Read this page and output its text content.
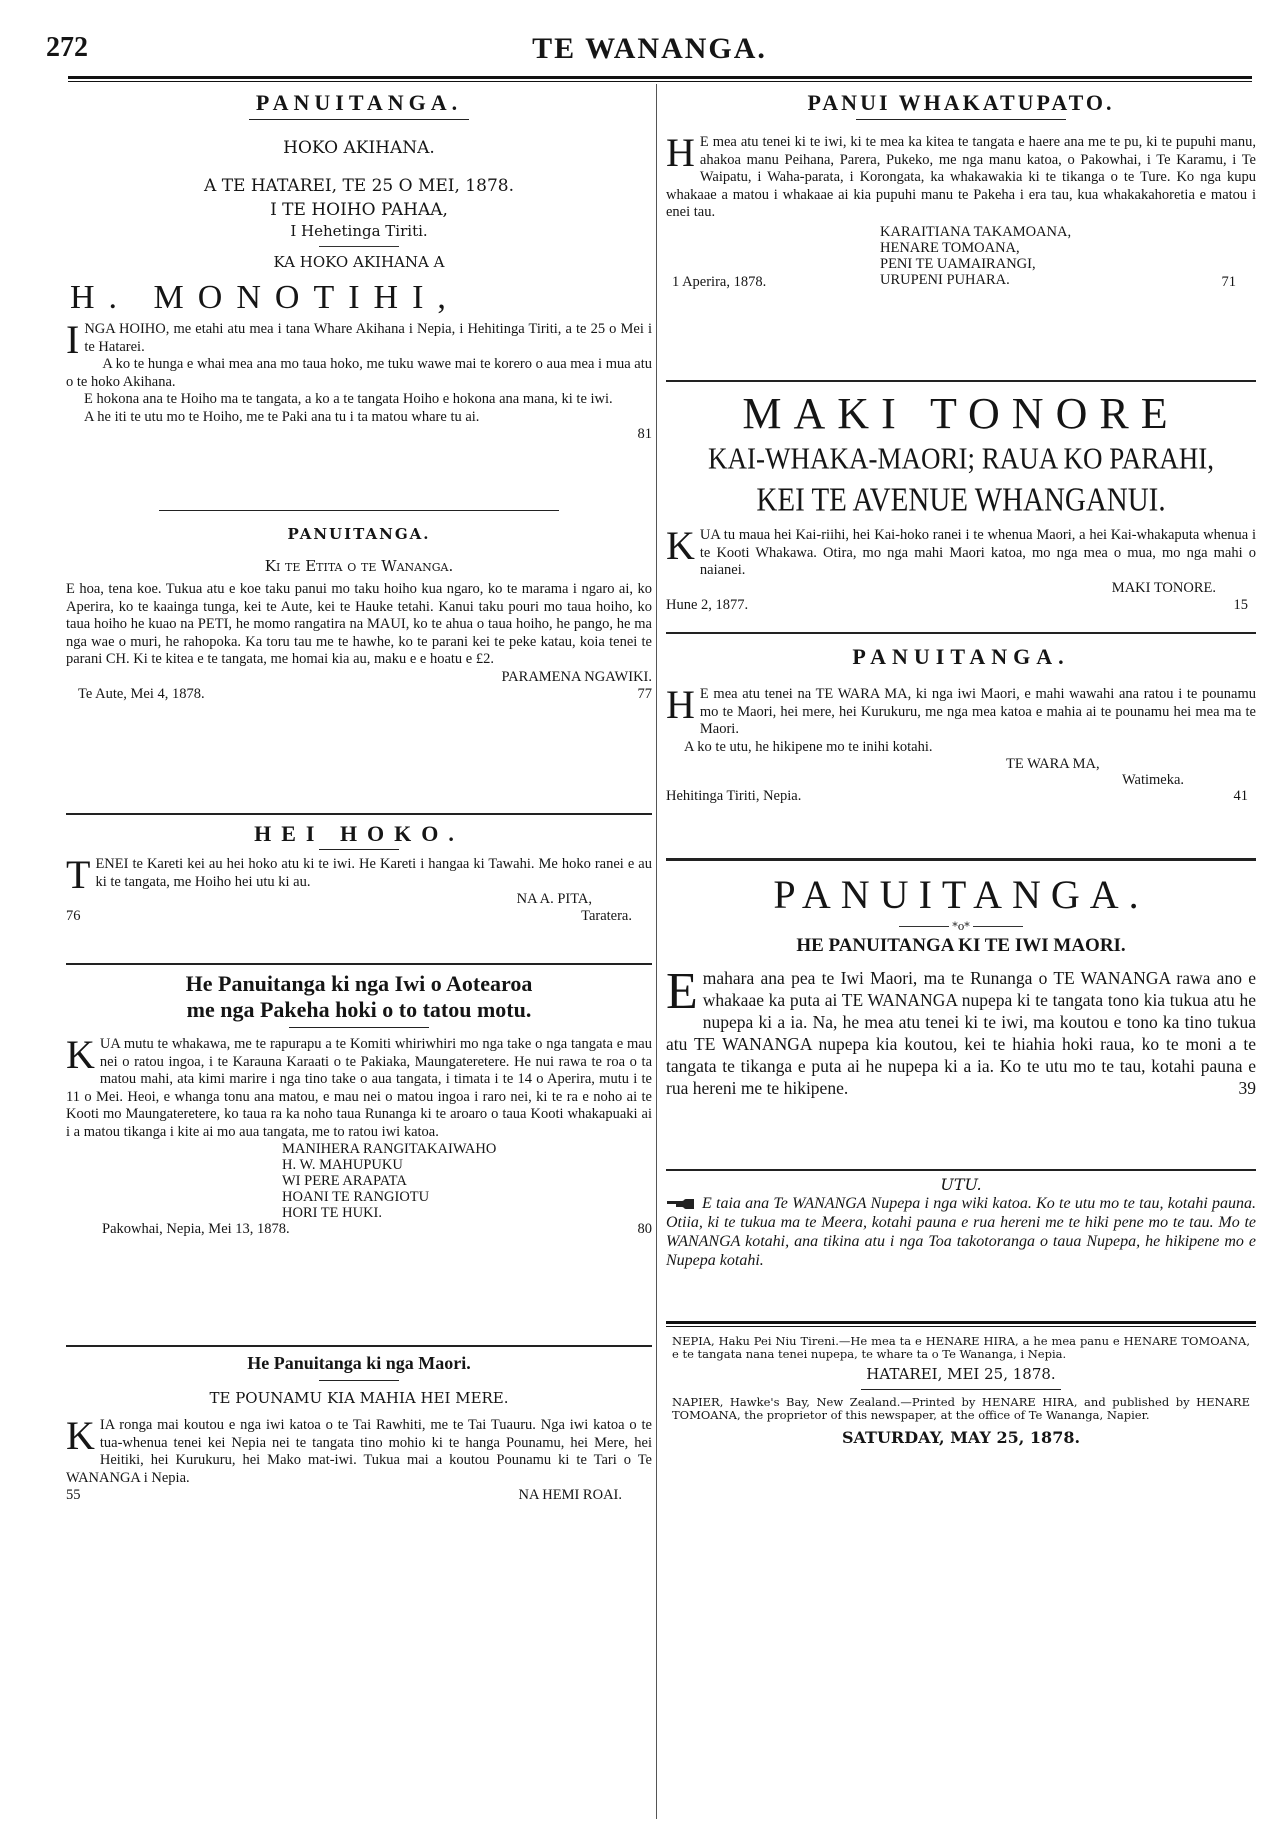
272	TE WANANGA.
PANUITANGA.
HOKO AKIHANA.
A TE HATAREI, TE 25 O MEI, 1878.
I TE HOIHO PAHAA,
I Hehetinga Tiriti.
KA HOKO AKIHANA A
H. MONOTIHI,
INGA HOIHO, me etahi atu mea i tana Whare Akihana i Nepia, i Hehitinga Tiriti, a te 25 o Mei i te Hatarei.

A ko te hunga e whai mea ana mo taua hoko, me tuku wawe mai te korero o aua mea i mua atu o te hoko Akihana.

E hokona ana te Hoiho ma te tangata, a ko a te tangata Hoiho e hokona ana mana, ki te iwi.

A he iti te utu mo te Hoiho, me te Paki ana tu i ta matou whare tu ai.

81
PANUITANGA.
Ki te Etita o te Wananga.

E hoa, tena koe. Tukua atu e koe taku panui mo taku hoiho kua ngaro, ko te marama i ngaro ai, ko Aperira, ko te kaainga tunga, kei te Aute, kei te Hauke tetahi. Kanui taku pouri mo taua hoiho, ko taua hoiho he kuao na PETI, he momo rangatira na MAUI, ko te ahua o taua hoiho, he pango, he ma nga wae o muri, he rahopoka. Ka toru tau me te hawhe, ko te parani kei te peke katau, koia tenei te parani CH. Ki te kitea e te tangata, me homai kia au, maku e e hoatu e £2.

PARAMENA NGAWIKI.
Te Aute, Mei 4, 1878.	77
HEI HOKO.
TENEI te Kareti kei au hei hoko atu ki te iwi. He Kareti i hangaa ki Tawahi. Me hoko ranei e au ki te tangata, me Hoiho hei utu ki au.
NA A. PITA,
76	Taratera.
He Panuitanga ki nga Iwi o Aotearoa
me nga Pakeha hoki o to tatou motu.
KUA mutu te whakawa, me te rapurapu a te Komiti whiriwhiri mo nga take o nga tangata e mau nei o ratou ingoa, i te Karauna Karaati o te Pakiaka, Maungateretere. He nui rawa te roa o ta matou mahi, ata kimi marire i nga tino take o aua tangata, i timata i te 14 o Aperira, mutu i te 11 o Mei. Heoi, e whanga tonu ana matou, e mau nei o matou ingoa i raro nei, ki te ra e noho ai te Kooti mo Maungateretere, ko taua ra ka noho taua Runanga ki te aroaro o taua Kooti whakapuaki ai i a matou tikanga i kite ai mo aua tangata, me to ratou iwi katoa.
MANIHERA RANGITAKAIWAHO
H. W. MAHUPUKU
WI PERE ARAPATA
HOANI TE RANGIOTU
HORI TE HUKI.
Pakowhai, Nepia, Mei 13, 1878.	80
He Panuitanga ki nga Maori.
TE POUNAMU KIA MAHIA HEI MERE.
KIA ronga mai koutou e nga iwi katoa o te Tai Rawhiti, me te Tai Tuauru. Nga iwi katoa o te tua-whenua tenei kei Nepia nei te tangata tino mohio ki te hanga Pounamu, hei Mere, hei Heitiki, hei Kurukuru, hei Mako mat-iwi. Tukua mai a koutou Pounamu ki te Tari o Te WANANGA i Nepia.
55	NA HEMI ROAI.
PANUI WHAKATUPATO.
H E mea atu tenei ki te iwi, ki te mea ka kitea te tangata e haere ana me te pu, ki te pupuhi manu, ahakoa manu Peihana, Parera, Pukeko, me nga manu katoa, o Pakowhai, i Te Karamu, i Te Waipatu, i Waha-parata, i Korongata, ka whakawakia ki te tikanga o te Ture. Ko nga kupu whakaae a matou i whakaae ai kia pupuhi manu te Pakeha i era tau, kua whakakahoretia e matou i enei tau.
KARAITIANA TAKAMOANA,
HENARE TOMOANA,
PENI TE UAMAIRANGI,
URUPENI PUHARA.
1 Aperira, 1878.	71
MAKI TONORE
KAI-WHAKA-MAORI; RAUA KO PARAHI,
KEI TE AVENUE WHANGANUI.
KUA tu maua hei Kai-riihi, hei Kai-hoko ranei i te whenua Maori, a hei Kai-whakaputa whenua i te Kooti Whakawa. Otira, mo nga mahi Maori katoa, mo nga mea o mua, mo nga mahi o naianei.
MAKI TONORE.
Hune 2, 1877.	15
PANUITANGA.
H E mea atu tenei na TE WARA MA, ki nga iwi Maori, e mahi wawahi ana ratou i te pounamu mo te Maori, hei mere, hei Kurukuru, me nga mea katoa e mahia ai te pounamu hei mea ma te Maori.

A ko te utu, he hikipene mo te inihi kotahi.

TE WARA MA,
Watimeka.
Hehitinga Tiriti, Nepia.	41
PANUITANGA.
*o*
HE PANUITANGA KI TE IWI MAORI.
Emahara ana pea te Iwi Maori, ma te Runanga o TE WANANGA rawa ano e whakaae ka puta ai TE WANANGA nupepa ki te tangata tono kia tukua atu he nupepa ki a ia. Na, he mea atu tenei ki te iwi, ma koutou e tono ka tino tukua atu TE WANANGA nupepa kia koutou, kei te hiahia hoki raua, ko te moni a te tangata te tikanga e puta ai he nupepa ki a ia. Ko te utu mo te tau, kotahi pauna e rua hereni me te hikipene.	39
UTU.
E taia ana Te WANANGA Nupepa i nga wiki katoa. Ko te utu mo te tau, kotahi pauna. Otiia, ki te tukua ma te Meera, kotahi pauna e rua hereni me te hiki pene mo te tau. Mo te WANANGA kotahi, ana tikina atu i nga Toa takotoranga o taua Nupepa, he hikipene mo e Nupepa kotahi.

NEPIA, Haku Pei Niu Tireni.—He mea ta e HENARE HIRA, a he mea panu e HENARE TOMOANA, e te tangata nana tenei nupepa, te whare ta o Te Wananga, i Nepia.

HATAREI, MEI 25, 1878.

NAPIER, Hawke's Bay, New Zealand.—Printed by HENARE HIRA, and published by HENARE TOMOANA, the proprietor of this newspaper, at the office of Te Wananga, Napier.

SATURDAY, MAY 25, 1878.
